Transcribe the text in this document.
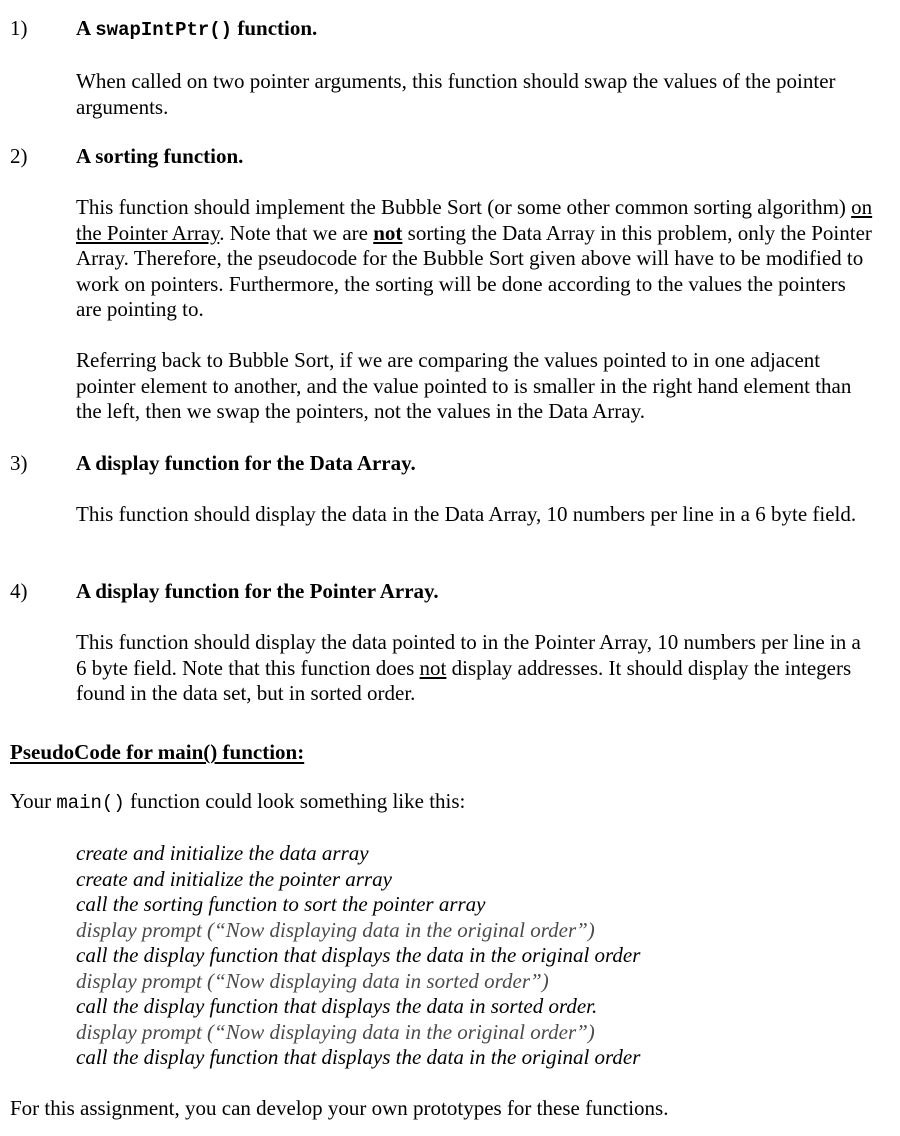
1) A swapIntPtr() function.

When called on two pointer arguments, this function should swap the values of the pointer arguments.

2) A sorting function.

This function should implement the Bubble Sort (or some other common sorting algorithm) on the Pointer Array. Note that we are not sorting the Data Array in this problem, only the Pointer Array. Therefore, the pseudocode for the Bubble Sort given above will have to be modified to work on pointers. Furthermore, the sorting will be done according to the values the pointers are pointing to.

Referring back to Bubble Sort, if we are comparing the values pointed to in one adjacent pointer element to another, and the value pointed to is smaller in the right hand element than the left, then we swap the pointers, not the values in the Data Array.

3) A display function for the Data Array.

This function should display the data in the Data Array, 10 numbers per line in a 6 byte field.

4) A display function for the Pointer Array.

This function should display the data pointed to in the Pointer Array, 10 numbers per line in a 6 byte field. Note that this function does not display addresses. It should display the integers found in the data set, but in sorted order.

PseudoCode for main() function:
Your main() function could look something like this:
create and initialize the data array
create and initialize the pointer array
call the sorting function to sort the pointer array
display prompt (“Now displaying data in the original order”)
call the display function that displays the data in the original order
display prompt (“Now displaying data in sorted order”)
call the display function that displays the data in sorted order.
display prompt (“Now displaying data in the original order”)
call the display function that displays the data in the original order
For this assignment, you can develop your own prototypes for these functions.
